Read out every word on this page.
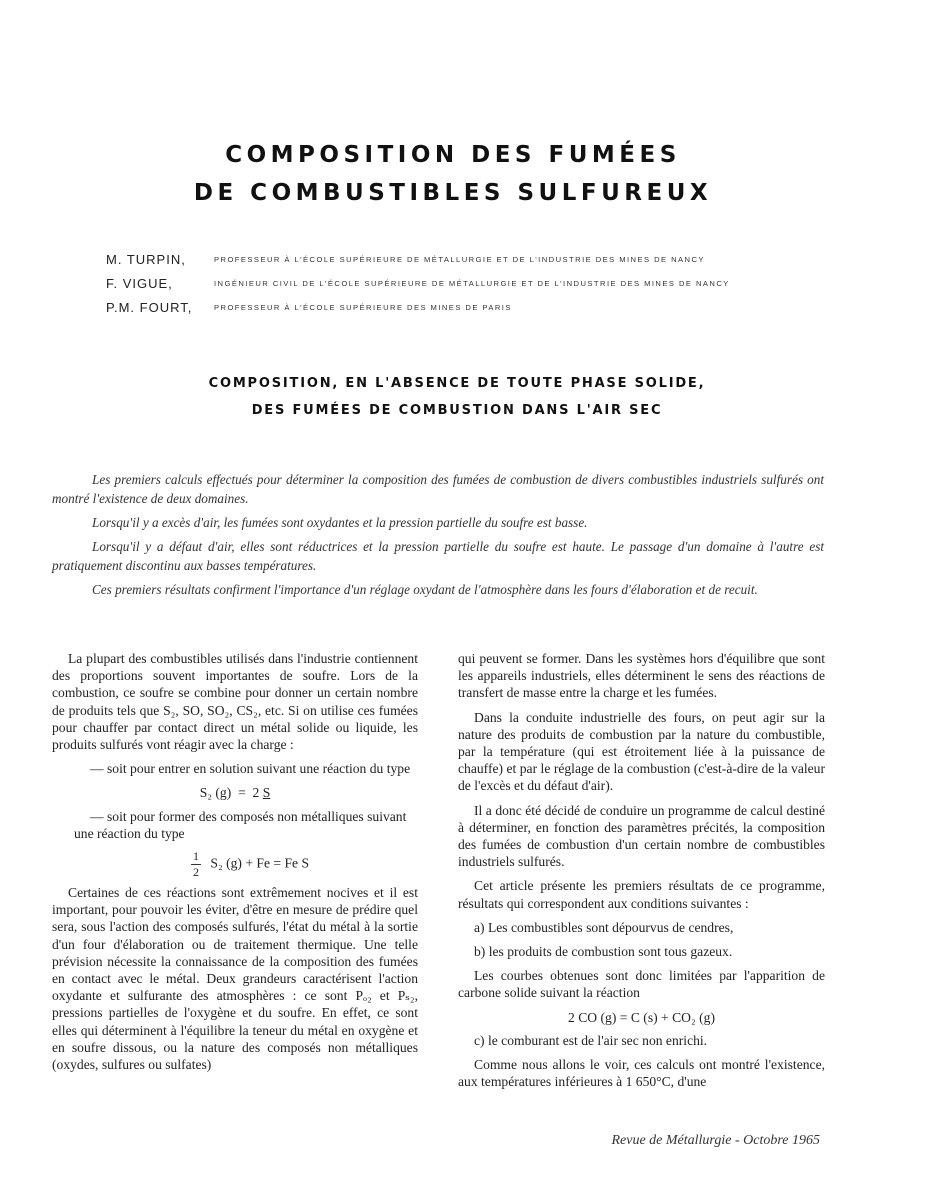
COMPOSITION DES FUMÉES
DE COMBUSTIBLES SULFUREUX
M. TURPIN,	PROFESSEUR À L'ÉCOLE SUPÉRIEURE DE MÉTALLURGIE ET DE L'INDUSTRIE DES MINES DE NANCY
F. VIGUE,	INGÉNIEUR CIVIL DE L'ÉCOLE SUPÉRIEURE DE MÉTALLURGIE ET DE L'INDUSTRIE DES MINES DE NANCY
P.M. FOURT,	PROFESSEUR À L'ÉCOLE SUPÉRIEURE DES MINES DE PARIS
COMPOSITION, EN L'ABSENCE DE TOUTE PHASE SOLIDE,
DES FUMÉES DE COMBUSTION DANS L'AIR SEC

Les premiers calculs effectués pour déterminer la composition des fumées de combustion de divers combustibles industriels sulfurés ont montré l'existence de deux domaines.

Lorsqu'il y a excès d'air, les fumées sont oxydantes et la pression partielle du soufre est basse.

Lorsqu'il y a défaut d'air, elles sont réductrices et la pression partielle du soufre est haute. Le passage d'un domaine à l'autre est pratiquement discontinu aux basses températures.

Ces premiers résultats confirment l'importance d'un réglage oxydant de l'atmosphère dans les fours d'élaboration et de recuit.

La plupart des combustibles utilisés dans l'industrie contiennent des proportions souvent importantes de soufre. Lors de la combustion, ce soufre se combine pour donner un certain nombre de produits tels que S₂, SO, SO₂, CS₂, etc. Si on utilise ces fumées pour chauffer par contact direct un métal solide ou liquide, les produits sulfurés vont réagir avec la charge :

— soit pour entrer en solution suivant une réaction du type

S₂ (g) = 2 S

— soit pour former des composés non métalliques suivant une réaction du type

$\frac{1}{2} S_2$ (g) + Fe = Fe S

Certaines de ces réactions sont extrêmement nocives et il est important, pour pouvoir les éviter, d'être en mesure de prédire quel sera, sous l'action des composés sulfurés, l'état du métal à la sortie d'un four d'élaboration ou de traitement thermique. Une telle prévision nécessite la connaissance de la composition des fumées en contact avec le métal. Deux grandeurs caractérisent l'action oxydante et sulfurante des atmosphères : ce sont Pₒ₂ et Pₛ₂, pressions partielles de l'oxygène et du soufre. En effet, ce sont elles qui déterminent à l'équilibre la teneur du métal en oxygène et en soufre dissous, ou la nature des composés non métalliques (oxydes, sulfures ou sulfates)

qui peuvent se former. Dans les systèmes hors d'équilibre que sont les appareils industriels, elles déterminent le sens des réactions de transfert de masse entre la charge et les fumées.

Dans la conduite industrielle des fours, on peut agir sur la nature des produits de combustion par la nature du combustible, par la température (qui est étroitement liée à la puissance de chauffe) et par le réglage de la combustion (c'est-à-dire de la valeur de l'excès et du défaut d'air).

Il a donc été décidé de conduire un programme de calcul destiné à déterminer, en fonction des paramètres précités, la composition des fumées de combustion d'un certain nombre de combustibles industriels sulfurés.

Cet article présente les premiers résultats de ce programme, résultats qui correspondent aux conditions suivantes :

a) Les combustibles sont dépourvus de cendres,

b) les produits de combustion sont tous gazeux.

Les courbes obtenues sont donc limitées par l'apparition de carbone solide suivant la réaction

2 CO (g) = C (s) + CO₂ (g)

c) le comburant est de l'air sec non enrichi.

Comme nous allons le voir, ces calculs ont montré l'existence, aux températures inférieures à 1 650°C, d'une

Revue de Métallurgie - Octobre 1965
